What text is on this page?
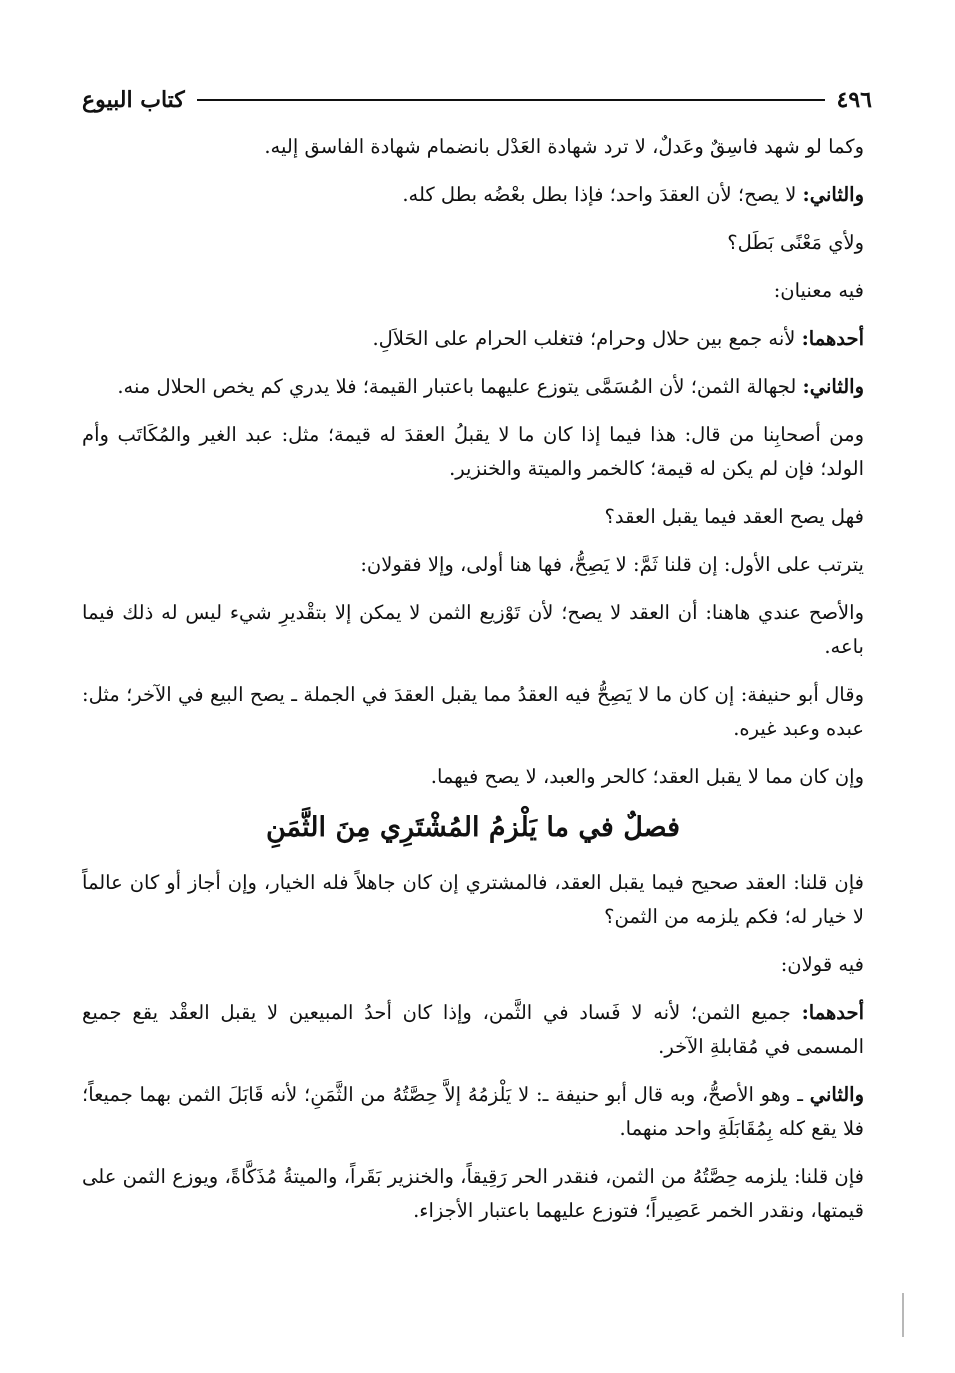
٤٩٦
كتاب البيوع

وكما لو شهد فاسِقٌ وعَدلٌ، لا ترد شهادة العَدْل بانضمام شهادة الفاسق إليه.

والثاني: لا يصح؛ لأن العقدَ واحد؛ فإذا بطل بعْضُه بطل كله.

ولأي مَعْنًى بَطَل؟

فيه معنيان:

أحدهما: لأنه جمع بين حلال وحرام؛ فتغلب الحرام على الحَلاَلِ.

والثاني: لجهالة الثمن؛ لأن المُسَمَّى يتوزع عليهما باعتبار القيمة؛ فلا يدري كم يخص الحلال منه.

ومن أصحابِنا من قال: هذا فيما إذا كان ما لا يقبلُ العقدَ له قيمة؛ مثل: عبد الغير والمُكَاتَب وأم الولد؛ فإن لم يكن له قيمة؛ كالخمر والميتة والخنزير.

فهل يصح العقد فيما يقبل العقد؟

يترتب على الأول: إن قلنا ثَمَّ: لا يَصِحُّ، فها هنا أولى، وإلا فقولان:

والأصح عندي هاهنا: أن العقد لا يصح؛ لأن تَوْزيع الثمن لا يمكن إلا بتقْديرِ شيء ليس له ذلك فيما باعه.

وقال أبو حنيفة: إن كان ما لا يَصِحُّ فيه العقدُ مما يقبل العقدَ في الجملة ـ يصح البيع في الآخر؛ مثل: عبده وعبد غيره.

وإن كان مما لا يقبل العقد؛ كالحر والعبد، لا يصح فيهما.

فصلٌ في ما يَلْزمُ المُشْتَرِي مِنَ الثَّمَنِ

فإن قلنا: العقد صحيح فيما يقبل العقد، فالمشتري إن كان جاهلاً فله الخيار، وإن أجاز أو كان عالماً لا خيار له؛ فكم يلزمه من الثمن؟

فيه قولان:

أحدهما: جميع الثمن؛ لأنه لا فَساد في الثَّمن، وإذا كان أحدُ المبيعين لا يقبل العقْد يقع جميع المسمى في مُقابلةِ الآخر.

والثاني ـ وهو الأصحُّ، وبه قال أبو حنيفة ـ: لا يَلْزمُهُ إلاَّ حِصَّتُهُ من الثَّمَنِ؛ لأنه قَابَلَ الثمن بهما جميعاً؛ فلا يقع كله بِمُقَابَلَةِ واحد منهما.

فإن قلنا: يلزمه حِصَّتُهُ من الثمن، فنقدر الحر رَقِيقاً، والخنزير بَقَراً، والميتةُ مُذَكَّاةً، ويوزع الثمن على قيمتها، ونقدر الخمر عَصِيراً؛ فتوزع عليهما باعتبار الأجزاء.
